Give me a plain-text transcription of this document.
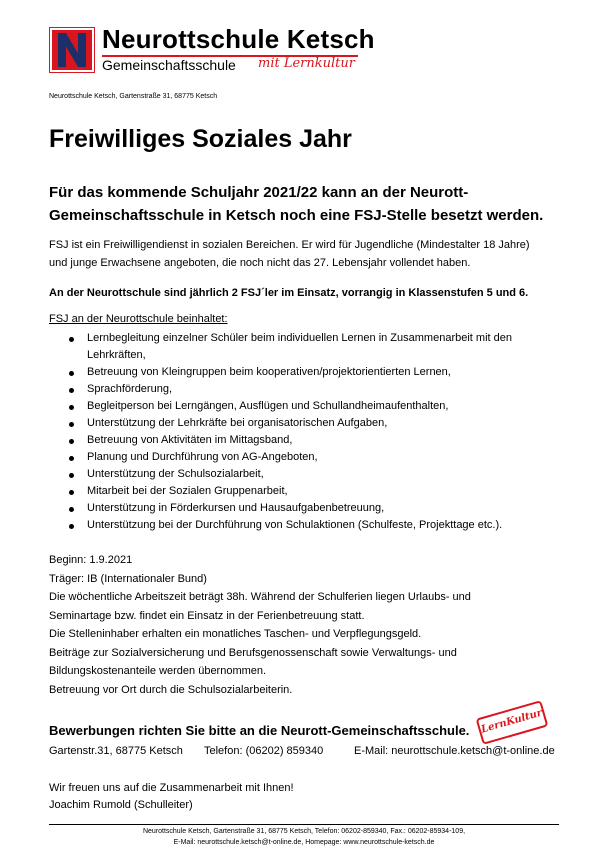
Neurottschule Ketsch
Gemeinschaftsschule mit Lernkultur
Neurottschule Ketsch, Gartenstraße 31, 68775 Ketsch
Freiwilliges Soziales Jahr
Für das kommende Schuljahr 2021/22 kann an der Neurott-Gemeinschaftsschule in Ketsch noch eine FSJ-Stelle besetzt werden.
FSJ ist ein Freiwilligendienst in sozialen Bereichen. Er wird für Jugendliche (Mindestalter 18 Jahre) und junge Erwachsene angeboten, die noch nicht das 27. Lebensjahr vollendet haben.
An der Neurottschule sind jährlich 2 FSJ´ler im Einsatz, vorrangig in Klassenstufen 5 und 6.
FSJ an der Neurottschule beinhaltet:
Lernbegleitung einzelner Schüler beim individuellen Lernen in Zusammenarbeit mit den Lehrkräften,
Betreuung von Kleingruppen beim kooperativen/projektorientierten Lernen,
Sprachförderung,
Begleitperson bei Lerngängen, Ausflügen und Schullandheimaufenthalten,
Unterstützung der Lehrkräfte bei organisatorischen Aufgaben,
Betreuung von Aktivitäten im Mittagsband,
Planung und Durchführung von AG-Angeboten,
Unterstützung der Schulsozialarbeit,
Mitarbeit bei der Sozialen Gruppenarbeit,
Unterstützung in Förderkursen und Hausaufgabenbetreuung,
Unterstützung bei der Durchführung von Schulaktionen (Schulfeste, Projekttage etc.).
Beginn: 1.9.2021
Träger: IB (Internationaler Bund)
Die wöchentliche Arbeitszeit beträgt 38h. Während der Schulferien liegen Urlaubs- und
Seminartage bzw. findet ein Einsatz in der Ferienbetreuung statt.
Die Stelleninhaber erhalten ein monatliches Taschen- und Verpflegungsgeld.
Beiträge zur Sozialversicherung und Berufsgenossenschaft sowie Verwaltungs- und
Bildungskostenanteile werden übernommen.
Betreuung vor Ort durch die Schulsozialarbeiterin.
Bewerbungen richten Sie bitte an die Neurott-Gemeinschaftsschule.	LernKultur
Gartenstr.31, 68775 Ketsch Telefon: (06202) 859340	E-Mail: neurottschule.ketsch@t-online.de
Wir freuen uns auf die Zusammenarbeit mit Ihnen!
Joachim Rumold (Schulleiter)
Neurottschule Ketsch, Gartenstraße 31, 68775 Ketsch, Telefon: 06202-859340, Fax.: 06202-85934-109,
E-Mail: neurottschule.ketsch@t-online.de, Homepage: www.neurottschule-ketsch.de
